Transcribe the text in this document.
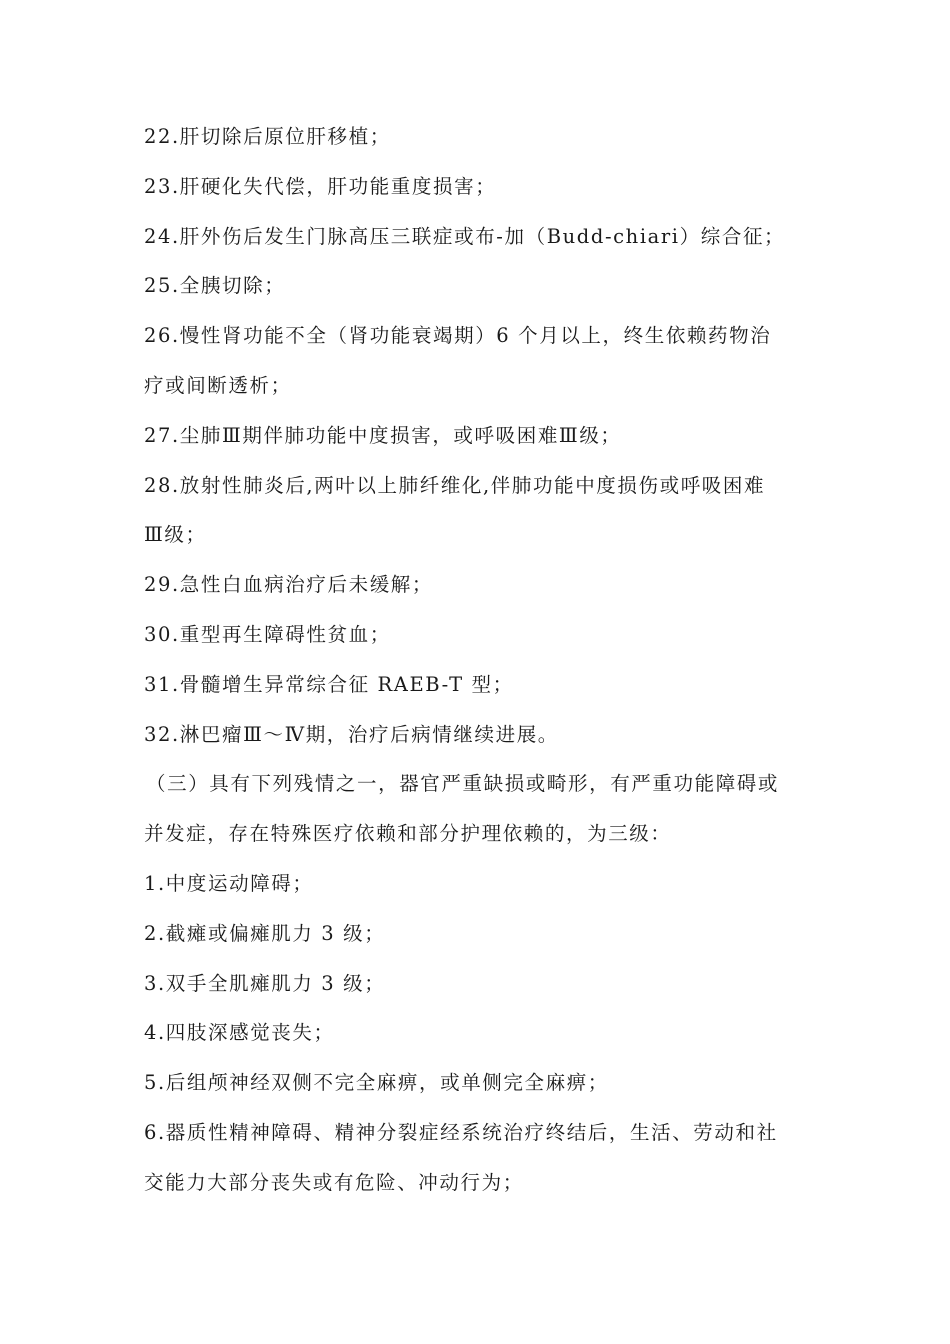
22.肝切除后原位肝移植；
23.肝硬化失代偿，肝功能重度损害；
24.肝外伤后发生门脉高压三联症或布-加（Budd-chiari）综合征；
25.全胰切除；
26.慢性肾功能不全（肾功能衰竭期）6 个月以上，终生依赖药物治
疗或间断透析；
27.尘肺Ⅲ期伴肺功能中度损害，或呼吸困难Ⅲ级；
28.放射性肺炎后,两叶以上肺纤维化,伴肺功能中度损伤或呼吸困难
Ⅲ级；
29.急性白血病治疗后未缓解；
30.重型再生障碍性贫血；
31.骨髓增生异常综合征 RAEB-T 型；
32.淋巴瘤Ⅲ～Ⅳ期，治疗后病情继续进展。
（三）具有下列残情之一，器官严重缺损或畸形，有严重功能障碍或
并发症，存在特殊医疗依赖和部分护理依赖的，为三级：
1.中度运动障碍；
2.截瘫或偏瘫肌力 3 级；
3.双手全肌瘫肌力 3 级；
4.四肢深感觉丧失；
5.后组颅神经双侧不完全麻痹，或单侧完全麻痹；
6.器质性精神障碍、精神分裂症经系统治疗终结后，生活、劳动和社
交能力大部分丧失或有危险、冲动行为；
